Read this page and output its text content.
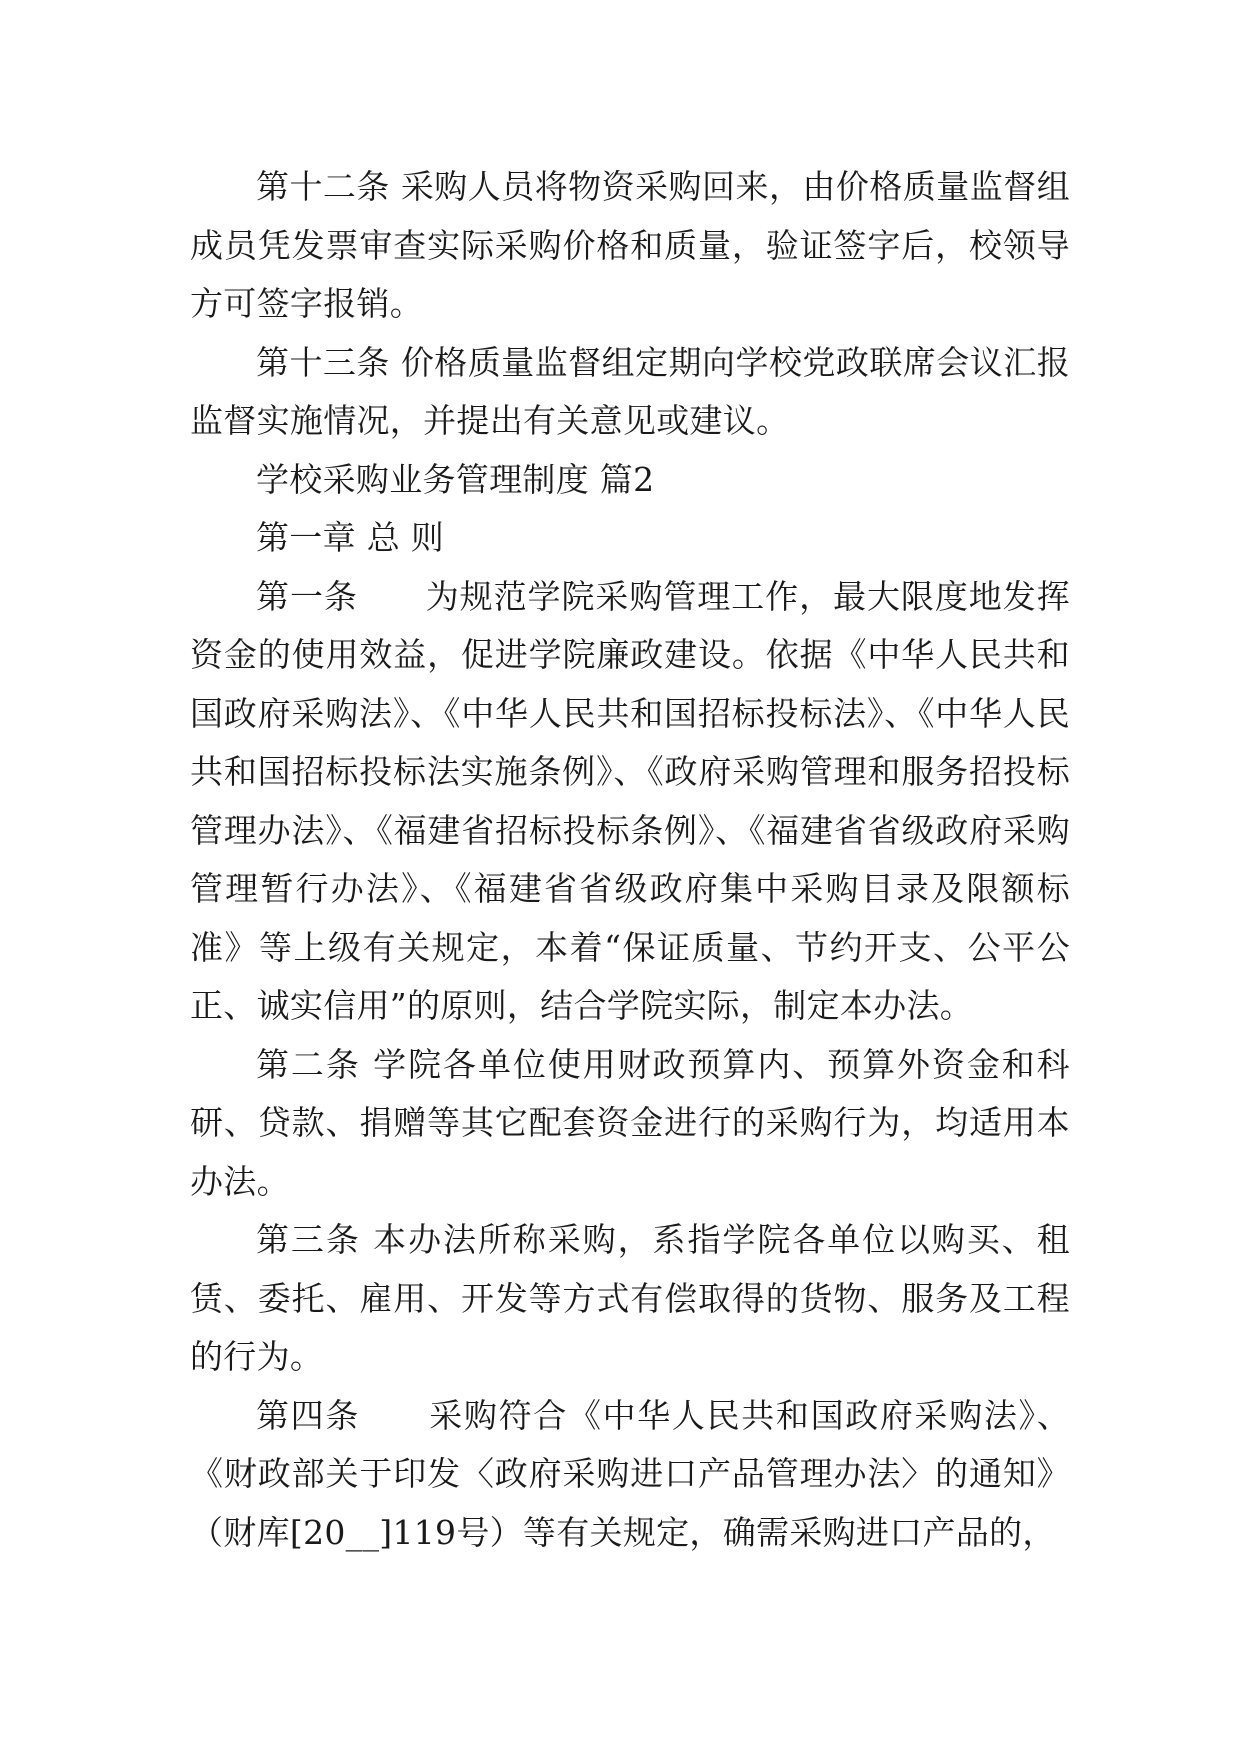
第十二条 采购人员将物资采购回来，由价格质量监督组成员凭发票审查实际采购价格和质量，验证签字后，校领导方可签字报销。

第十三条 价格质量监督组定期向学校党政联席会议汇报监督实施情况，并提出有关意见或建议。

学校采购业务管理制度 篇2

第一章 总 则

第一条　　为规范学院采购管理工作，最大限度地发挥资金的使用效益，促进学院廉政建设。依据《中华人民共和国政府采购法》、《中华人民共和国招标投标法》、《中华人民共和国招标投标法实施条例》、《政府采购管理和服务招投标管理办法》、《福建省招标投标条例》、《福建省省级政府采购管理暂行办法》、《福建省省级政府集中采购目录及限额标准》等上级有关规定，本着“保证质量、节约开支、公平公正、诚实信用”的原则，结合学院实际，制定本办法。

第二条 学院各单位使用财政预算内、预算外资金和科研、贷款、捐赠等其它配套资金进行的采购行为，均适用本办法。

第三条 本办法所称采购，系指学院各单位以购买、租赁、委托、雇用、开发等方式有偿取得的货物、服务及工程的行为。

第四条　　采购符合《中华人民共和国政府采购法》、《财政部关于印发〈政府采购进口产品管理办法〉的通知》（财库[20__]119号）等有关规定，确需采购进口产品的，
